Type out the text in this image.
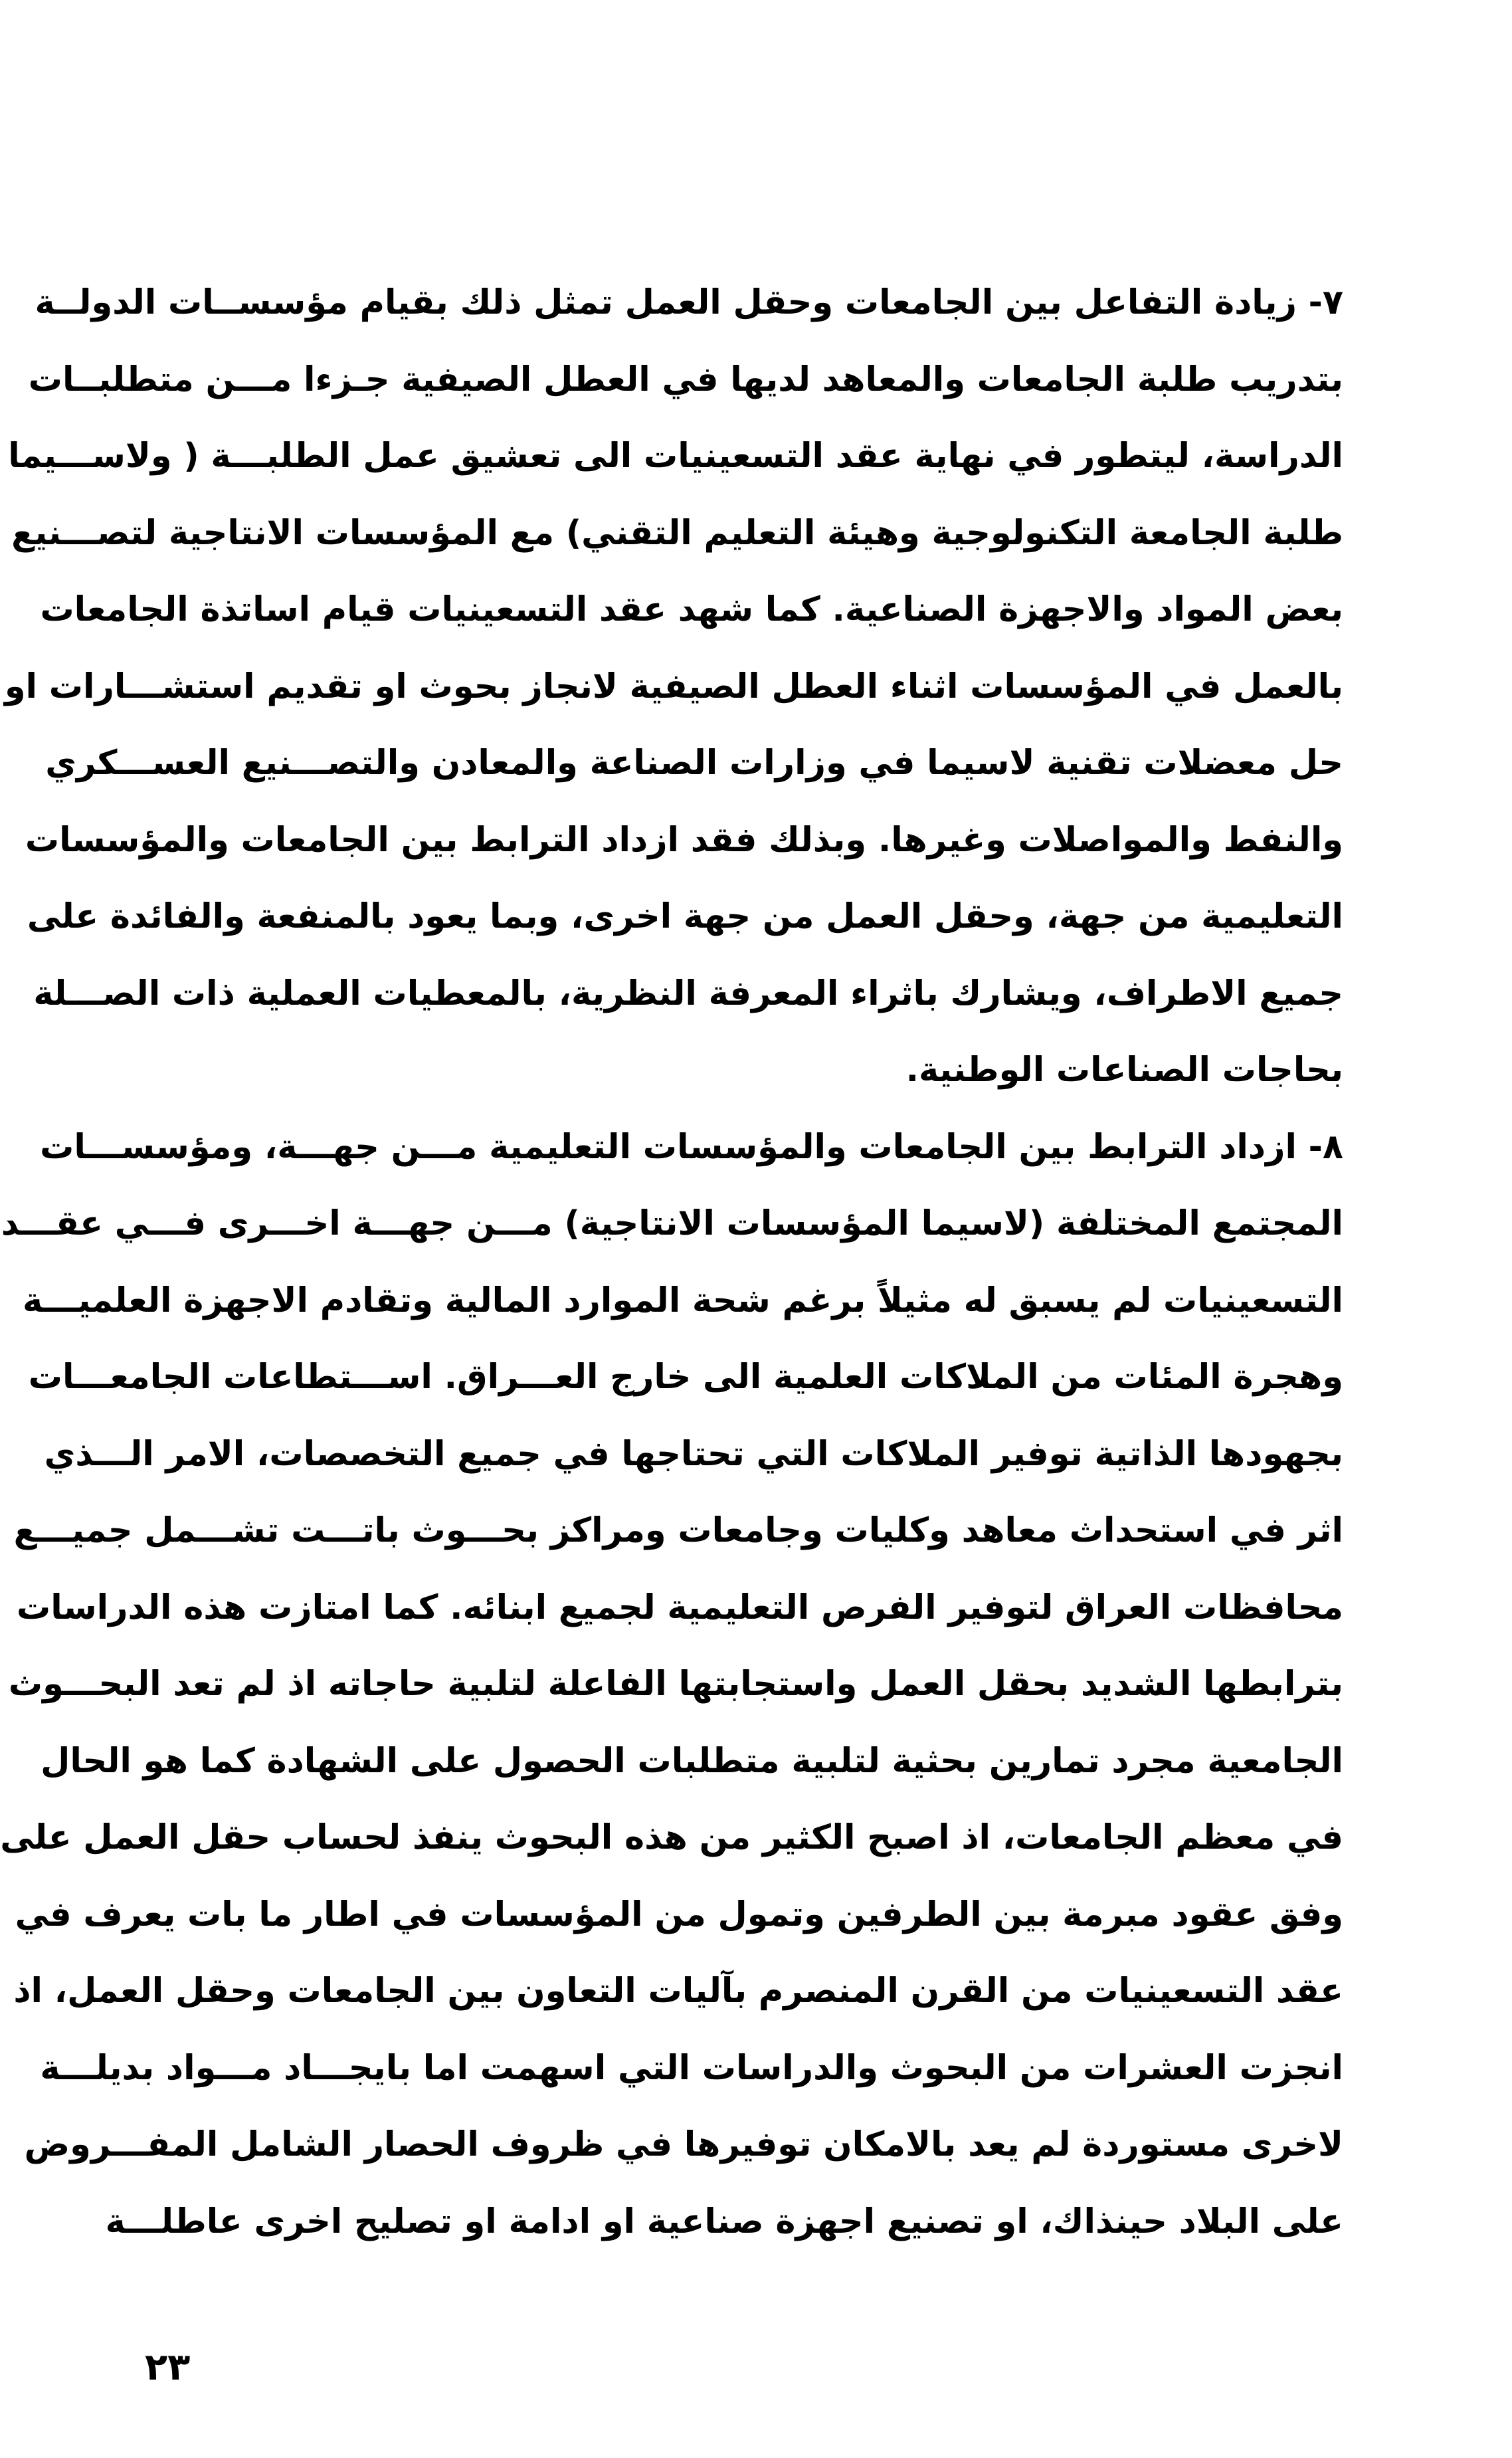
٧- زيادة التفاعل بين الجامعات وحقل العمل تمثل ذلك بقيام مؤسســات الدولــة
بتدريب طلبة الجامعات والمعاهد لديها في العطل الصيفية جـزءا مـــن متطلبــات
الدراسة، ليتطور في نهاية عقد التسعينيات الى تعشيق عمل الطلبـــة ( ولاســـيما
طلبة الجامعة التكنولوجية وهيئة التعليم التقني) مع المؤسسات الانتاجية لتصـــنيع
بعض المواد والاجهزة الصناعية. كما شهد عقد التسعينيات قيام اساتذة الجامعات
بالعمل في المؤسسات اثناء العطل الصيفية لانجاز بحوث او تقديم استشـــارات او
حل معضلات تقنية لاسيما في وزارات الصناعة والمعادن والتصـــنيع العســـكري
والنفط والمواصلات وغيرها. وبذلك فقد ازداد الترابط بين الجامعات والمؤسسات
التعليمية من جهة، وحقل العمل من جهة اخرى، وبما يعود بالمنفعة والفائدة على
جميع الاطراف، ويشارك باثراء المعرفة النظرية، بالمعطيات العملية ذات الصـــلة
بحاجات الصناعات الوطنية.
٨- ازداد الترابط بين الجامعات والمؤسسات التعليمية مـــن جهـــة، ومؤسســـات
المجتمع المختلفة (لاسيما المؤسسات الانتاجية) مـــن جهـــة اخـــرى فـــي عقـــد
التسعينيات لم يسبق له مثيلاً برغم شحة الموارد المالية وتقادم الاجهزة العلميـــة
وهجرة المئات من الملاكات العلمية الى خارج العـــراق. اســـتطاعات الجامعـــات
بجهودها الذاتية توفير الملاكات التي تحتاجها في جميع التخصصات، الامر الـــذي
اثر في استحداث معاهد وكليات وجامعات ومراكز بحـــوث باتـــت تشـــمل جميـــع
محافظات العراق لتوفير الفرص التعليمية لجميع ابنائه. كما امتازت هذه الدراسات
بترابطها الشديد بحقل العمل واستجابتها الفاعلة لتلبية حاجاته اذ لم تعد البحـــوث
الجامعية مجرد تمارين بحثية لتلبية متطلبات الحصول على الشهادة كما هو الحال
في معظم الجامعات، اذ اصبح الكثير من هذه البحوث ينفذ لحساب حقل العمل على
وفق عقود مبرمة بين الطرفين وتمول من المؤسسات في اطار ما بات يعرف في
عقد التسعينيات من القرن المنصرم بآليات التعاون بين الجامعات وحقل العمل، اذ
انجزت العشرات من البحوث والدراسات التي اسهمت اما بايجـــاد مـــواد بديلـــة
لاخرى مستوردة لم يعد بالامكان توفيرها في ظروف الحصار الشامل المفـــروض
على البلاد حينذاك، او تصنيع اجهزة صناعية او ادامة او تصليح اخرى عاطلـــة
٢٣
